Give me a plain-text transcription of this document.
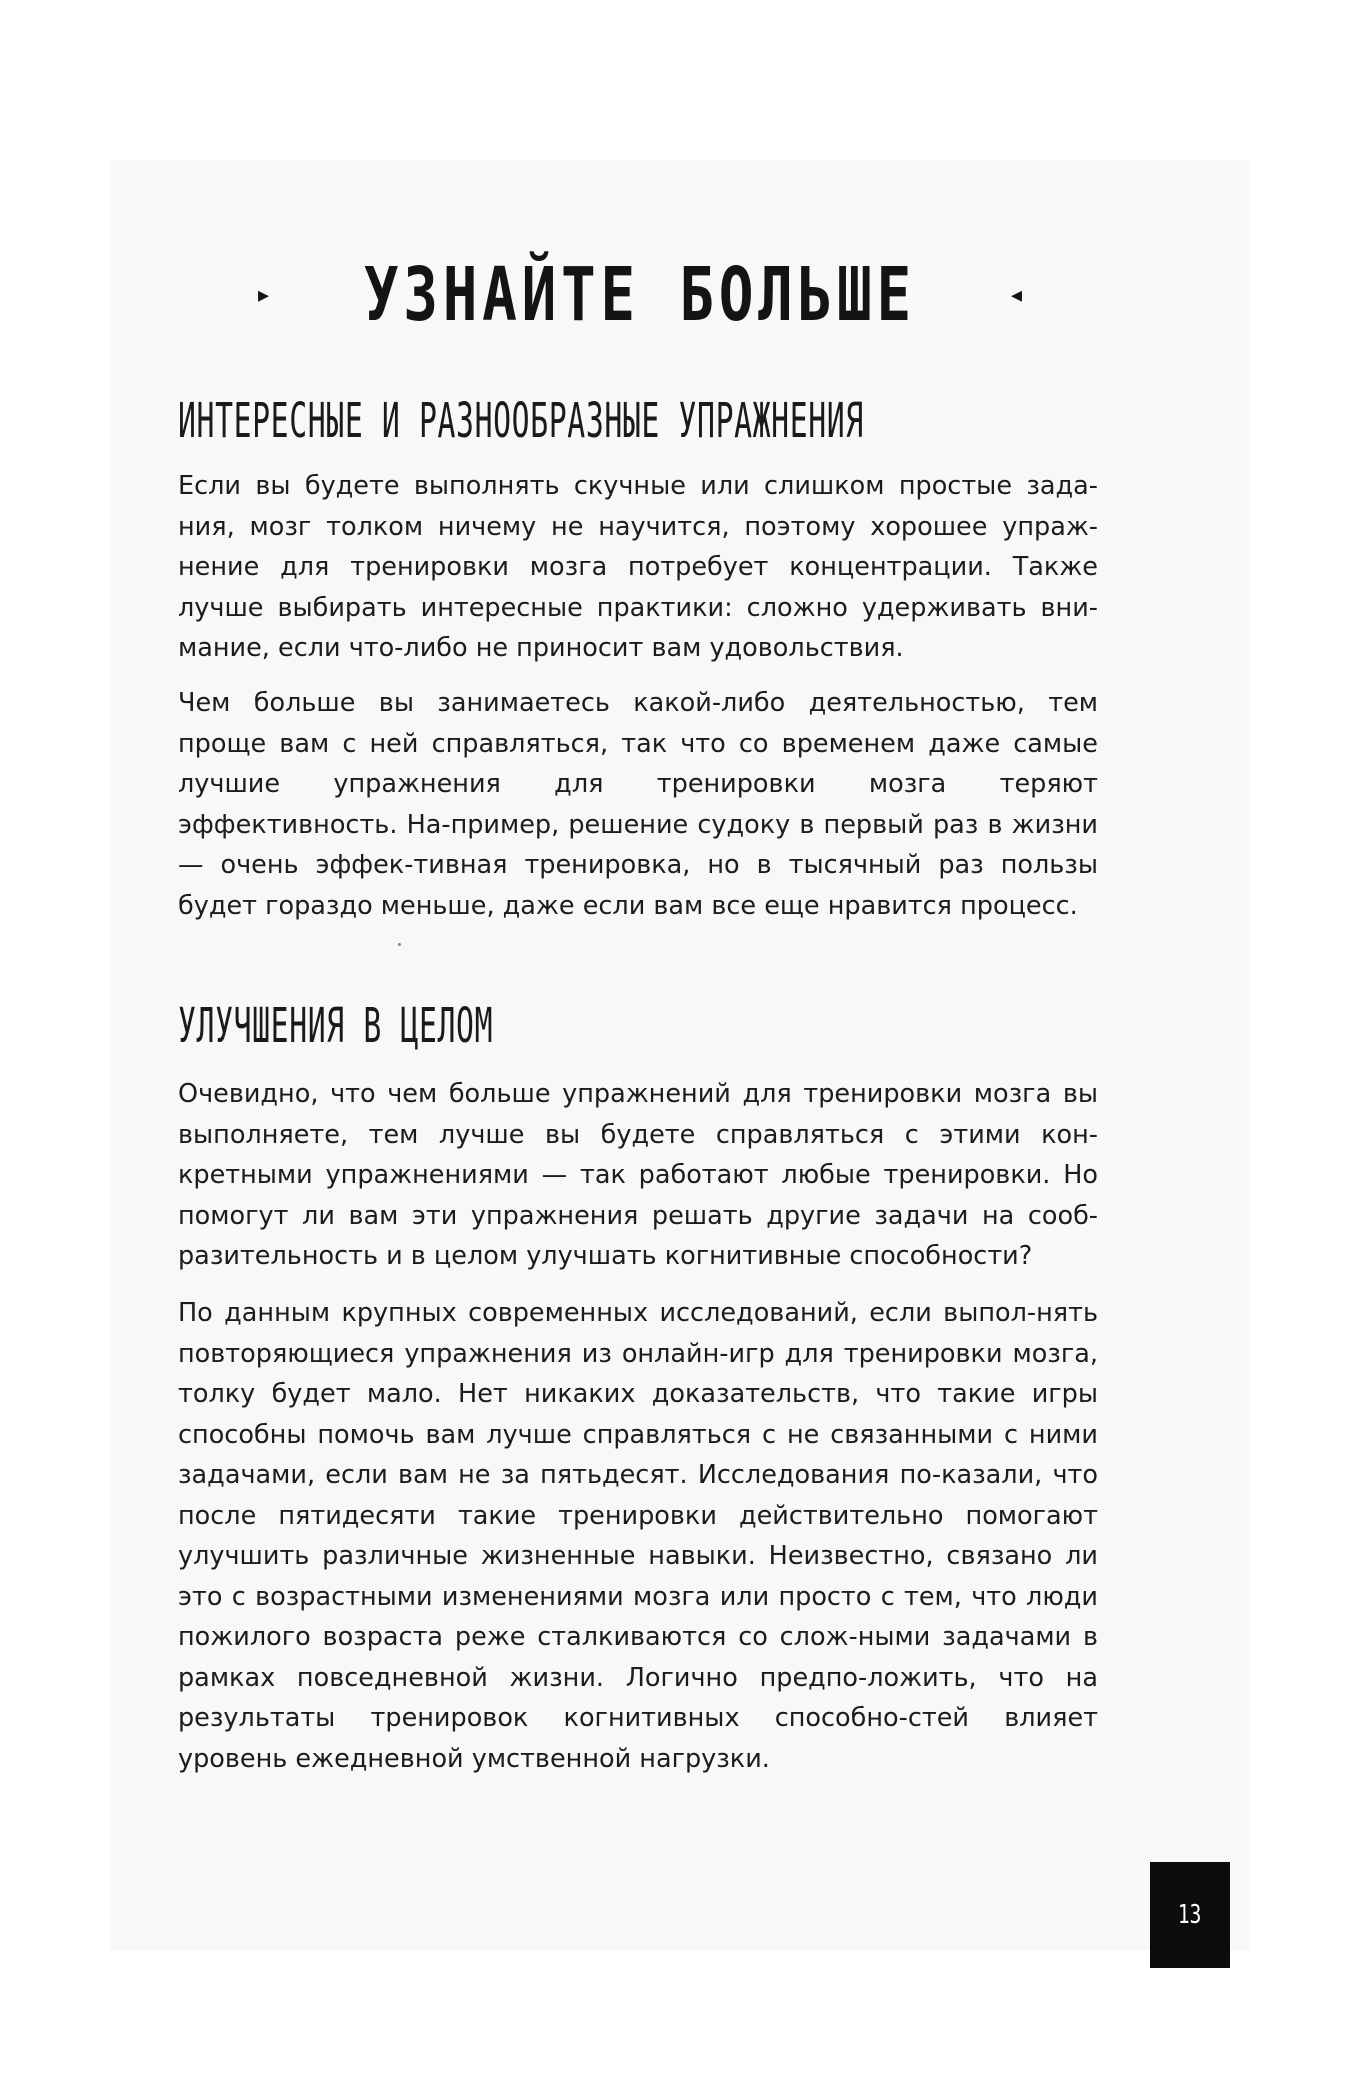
▸ УЗНАЙТЕ БОЛЬШЕ	◂
ИНТЕРЕСНЫЕ И РАЗНООБРАЗНЫЕ УПРАЖНЕНИЯ

Если вы будете выполнять скучные или слишком простые зада-ния, мозг толком ничему не научится, поэтому хорошее упраж-нение для тренировки мозга потребует концентрации. Также лучше выбирать интересные практики: сложно удерживать вни-мание, если что-либо не приносит вам удовольствия.

Чем больше вы занимаетесь какой-либо деятельностью, тем проще вам с ней справляться, так что со временем даже самые лучшие упражнения для тренировки мозга теряют эффективность. На-пример, решение судоку в первый раз в жизни — очень эффек-тивная тренировка, но в тысячный раз пользы будет гораздо меньше, даже если вам все еще нравится процесс.

УЛУЧШЕНИЯ В ЦЕЛОМ

Очевидно, что чем больше упражнений для тренировки мозга вы выполняете, тем лучше вы будете справляться с этими кон-кретными упражнениями — так работают любые тренировки. Но помогут ли вам эти упражнения решать другие задачи на сооб-разительность и в целом улучшать когнитивные способности?

По данным крупных современных исследований, если выпол-нять повторяющиеся упражнения из онлайн-игр для тренировки мозга, толку будет мало. Нет никаких доказательств, что такие игры способны помочь вам лучше справляться с не связанными с ними задачами, если вам не за пятьдесят. Исследования по-казали, что после пятидесяти такие тренировки действительно помогают улучшить различные жизненные навыки. Неизвестно, связано ли это с возрастными изменениями мозга или просто с тем, что люди пожилого возраста реже сталкиваются со слож-ными задачами в рамках повседневной жизни. Логично предпо-ложить, что на результаты тренировок когнитивных способно-стей влияет уровень ежедневной умственной нагрузки.

13
